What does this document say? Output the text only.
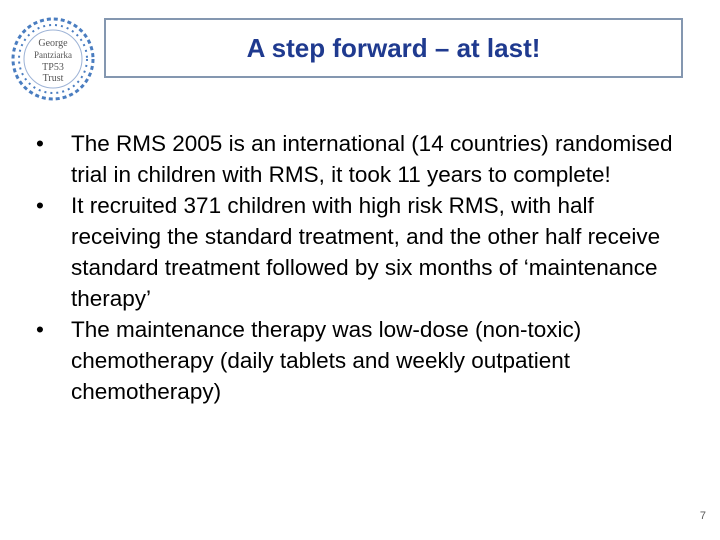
George
Pantziarka
TP53
Trust
A step forward – at last!
•	The RMS 2005 is an international (14 countries) randomised trial in children with RMS, it took 11 years to complete!
•	It recruited 371 children with high risk RMS, with half receiving the standard treatment, and the other half receive standard treatment followed by six months of ‘maintenance therapy’
•	The maintenance therapy was low-dose (non-toxic) chemotherapy (daily tablets and weekly outpatient chemotherapy)
7
